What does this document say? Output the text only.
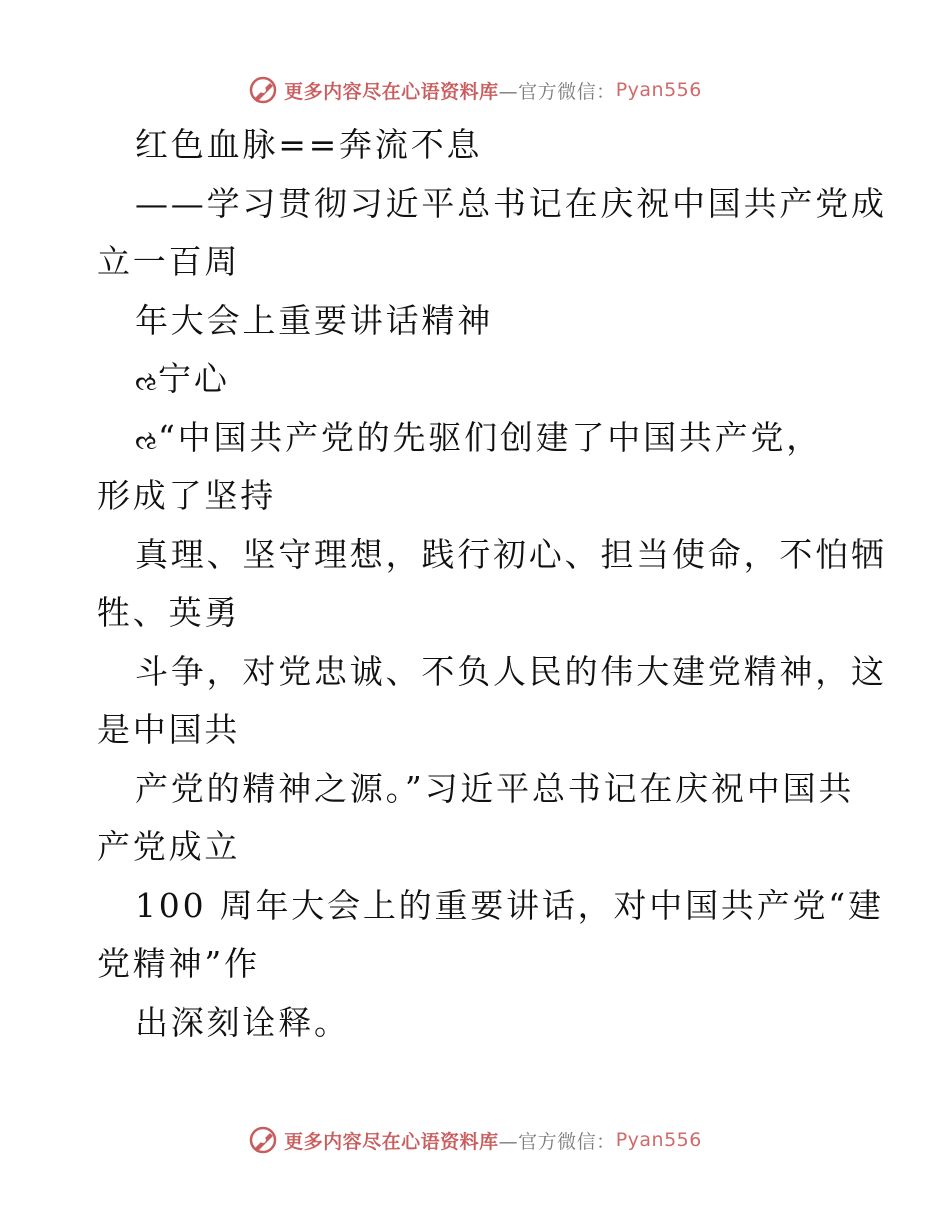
更多内容尽在心语资料库 —官方微信： Pyan556
红色血脉==奔流不息
——学习贯彻习近平总书记在庆祝中国共产党成
立一百周
年大会上重要讲话精神
ઌ宁心
ઌ“中国共产党的先驱们创建了中国共产党，
形成了坚持
真理、坚守理想，践行初心、担当使命，不怕牺
牲、英勇
斗争，对党忠诚、不负人民的伟大建党精神，这
是中国共
产党的精神之源。”习近平总书记在庆祝中国共
产党成立
100 周年大会上的重要讲话，对中国共产党“建
党精神”作
出深刻诠释。
更多内容尽在心语资料库 —官方微信： Pyan556
